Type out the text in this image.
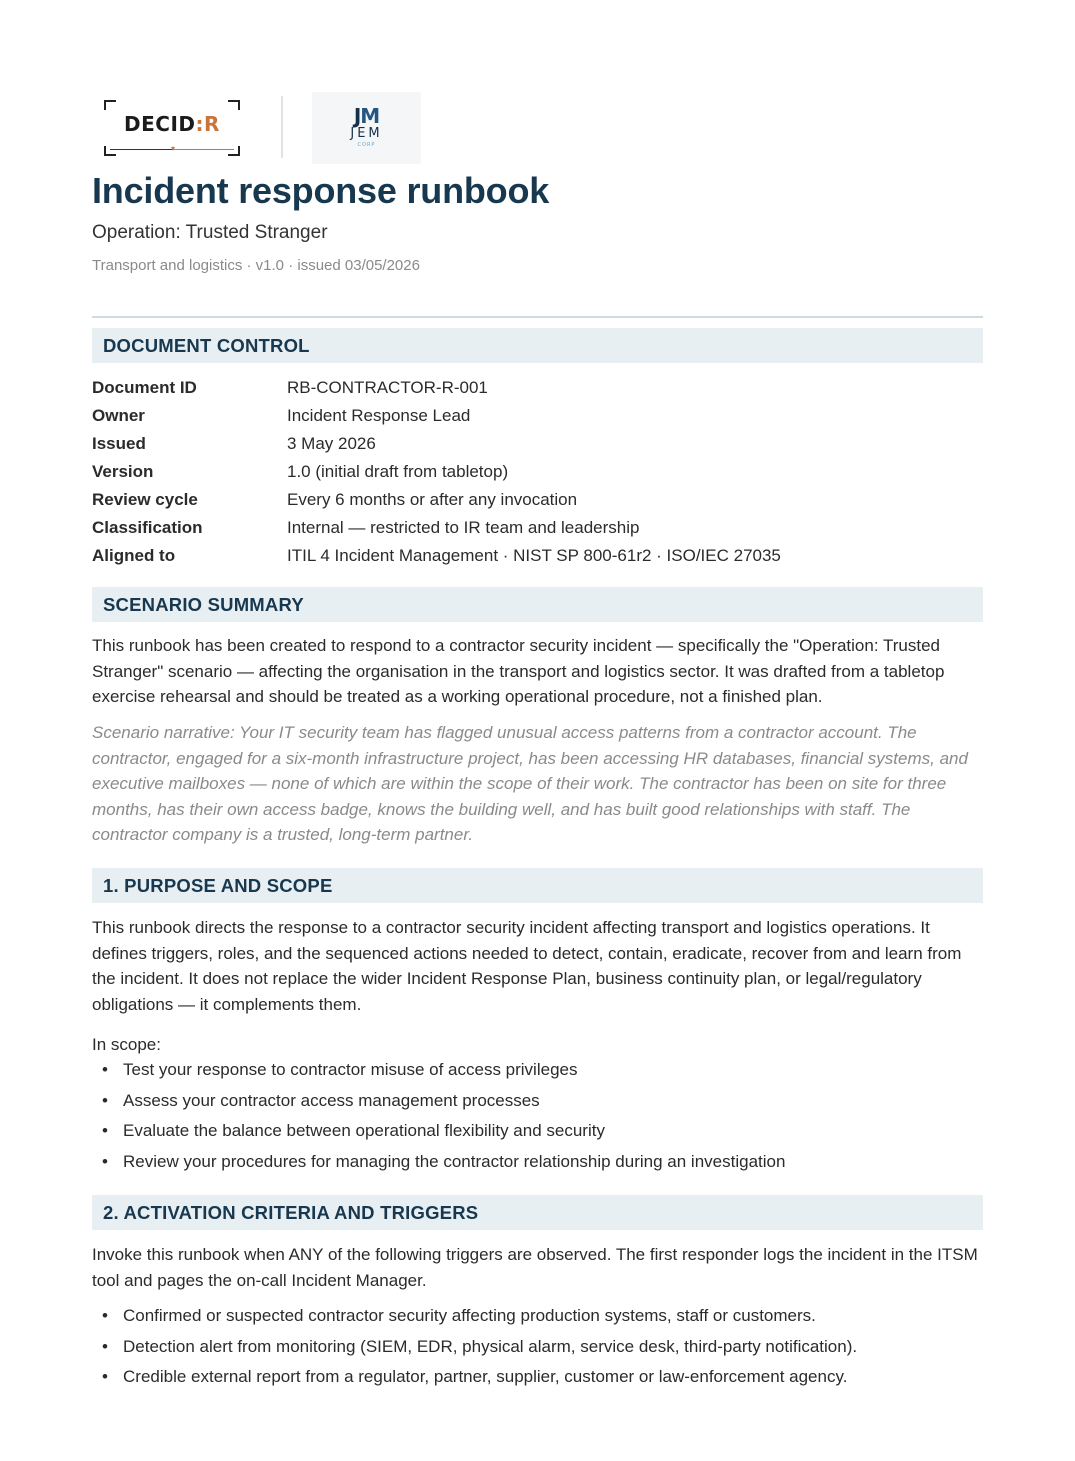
DECID:R
▾
JM
JEM
CORP
Incident response runbook
Operation: Trusted Stranger
Transport and logistics · v1.0 · issued 03/05/2026
DOCUMENT CONTROL
Document ID	RB-CONTRACTOR-R-001
Owner	Incident Response Lead
Issued	3 May 2026
Version	1.0 (initial draft from tabletop)
Review cycle	Every 6 months or after any invocation
Classification	Internal — restricted to IR team and leadership
Aligned to	ITIL 4 Incident Management · NIST SP 800-61r2 · ISO/IEC 27035
SCENARIO SUMMARY

This runbook has been created to respond to a contractor security incident — specifically the "Operation: Trusted Stranger" scenario — affecting the organisation in the transport and logistics sector. It was drafted from a tabletop exercise rehearsal and should be treated as a working operational procedure, not a finished plan.

Scenario narrative: Your IT security team has flagged unusual access patterns from a contractor account. The contractor, engaged for a six-month infrastructure project, has been accessing HR databases, financial systems, and executive mailboxes — none of which are within the scope of their work. The contractor has been on site for three months, has their own access badge, knows the building well, and has built good relationships with staff. The contractor company is a trusted, long-term partner.

1. PURPOSE AND SCOPE

This runbook directs the response to a contractor security incident affecting transport and logistics operations. It defines triggers, roles, and the sequenced actions needed to detect, contain, eradicate, recover from and learn from the incident. It does not replace the wider Incident Response Plan, business continuity plan, or legal/regulatory obligations — it complements them.

In scope:

• Test your response to contractor misuse of access privileges
• Assess your contractor access management processes
• Evaluate the balance between operational flexibility and security
• Review your procedures for managing the contractor relationship during an investigation
2. ACTIVATION CRITERIA AND TRIGGERS

Invoke this runbook when ANY of the following triggers are observed. The first responder logs the incident in the ITSM tool and pages the on-call Incident Manager.

• Confirmed or suspected contractor security affecting production systems, staff or customers.
• Detection alert from monitoring (SIEM, EDR, physical alarm, service desk, third-party notification).
• Credible external report from a regulator, partner, supplier, customer or law-enforcement agency.
